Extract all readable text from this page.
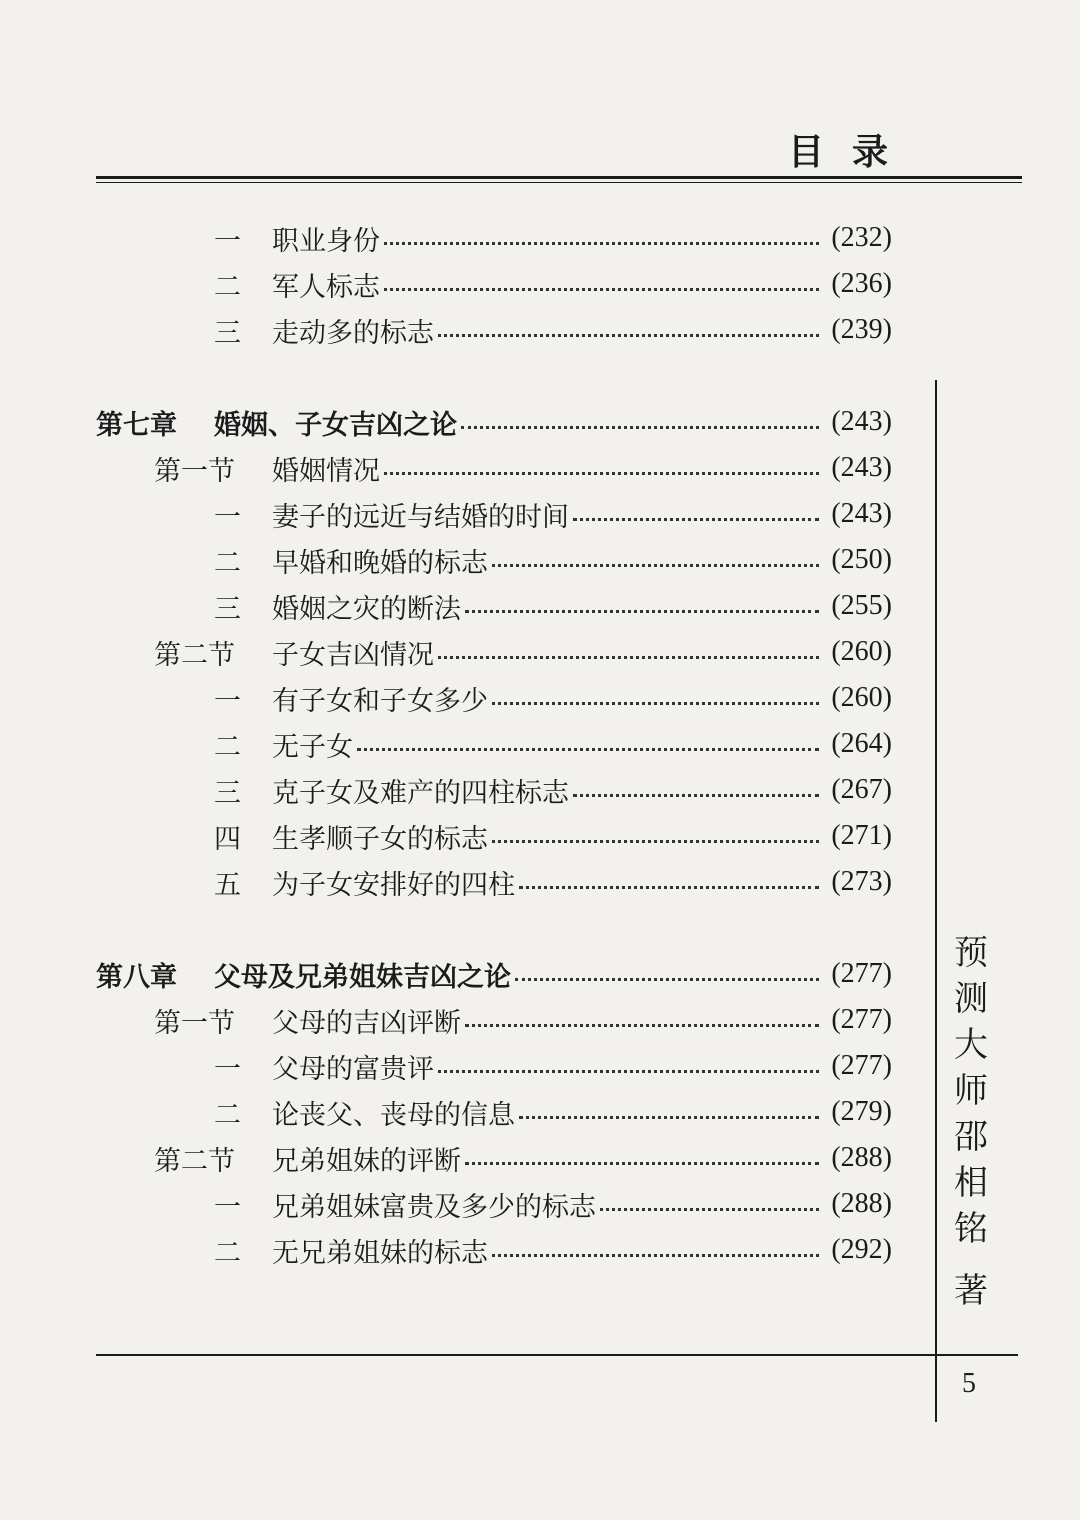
目录
一	职业身份	(232)
二	军人标志	(236)
三	走动多的标志	(239)
第七章	婚姻、子女吉凶之论	(243)
第一节	婚姻情况	(243)
一	妻子的远近与结婚的时间	(243)
二	早婚和晚婚的标志	(250)
三	婚姻之灾的断法	(255)
第二节	子女吉凶情况	(260)
一	有子女和子女多少	(260)
二	无子女	(264)
三	克子女及难产的四柱标志	(267)
四	生孝顺子女的标志	(271)
五	为子女安排好的四柱	(273)
第八章	父母及兄弟姐妹吉凶之论	(277)
第一节	父母的吉凶评断	(277)
一	父母的富贵评	(277)
二	论丧父、丧母的信息	(279)
第二节	兄弟姐妹的评断	(288)
一	兄弟姐妹富贵及多少的标志	(288)
二	无兄弟姐妹的标志	(292)
预
测
大
师
邵
相
铭
著
5
